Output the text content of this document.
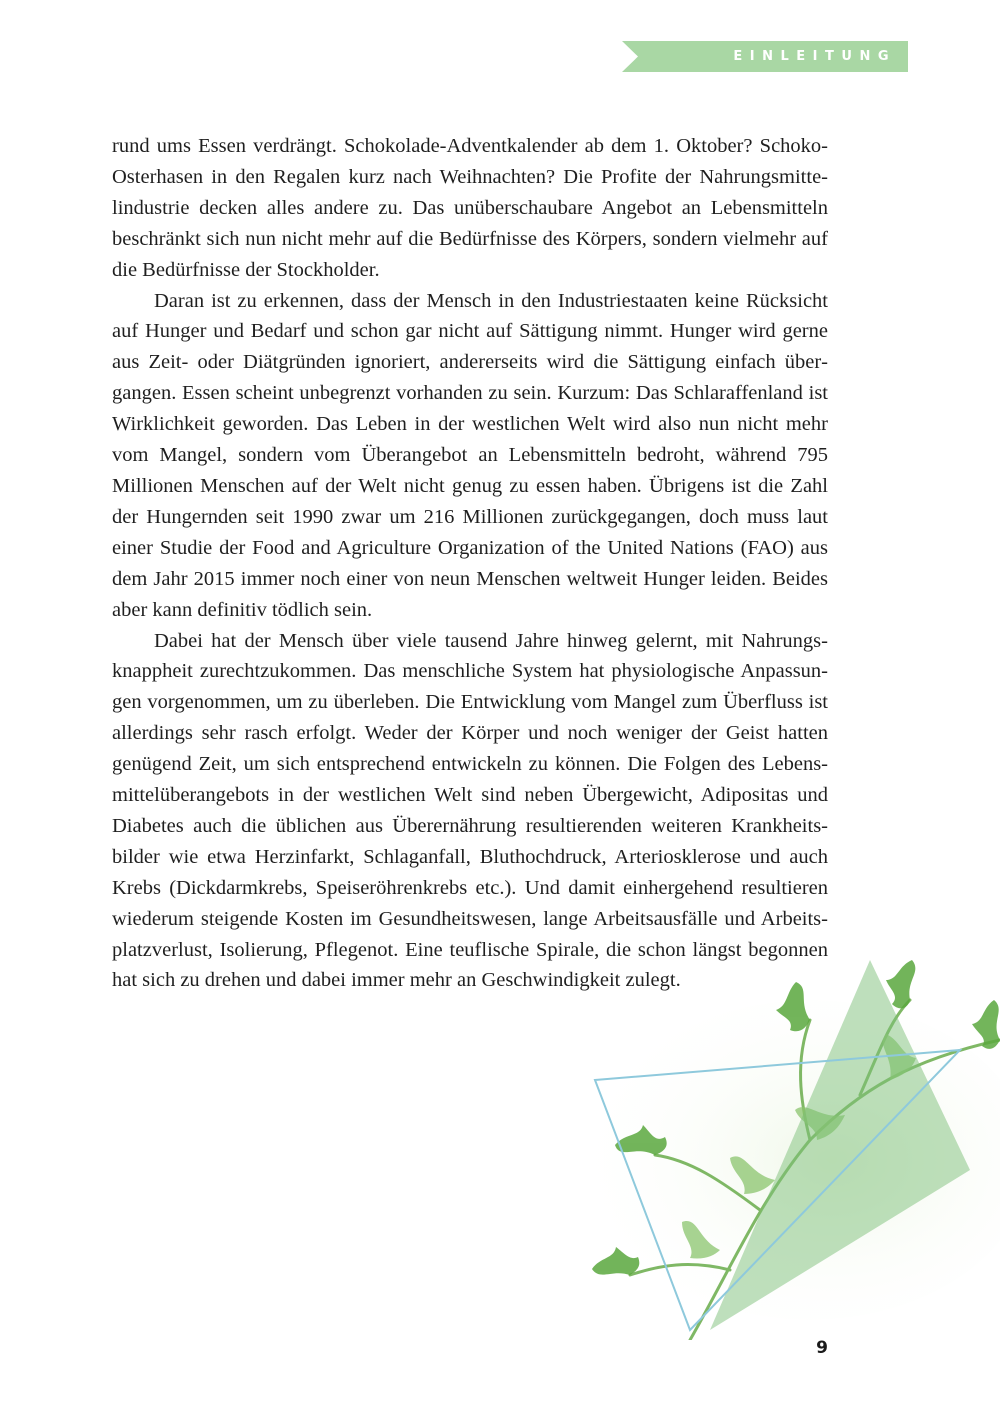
EINLEITUNG

rund ums Essen verdrängt. Schokolade-Adventkalender ab dem 1. Oktober? Schoko-Osterhasen in den Regalen kurz nach Weihnachten? Die Profite der Nahrungsmittelindustrie decken alles andere zu. Das unüberschaubare Angebot an Lebensmitteln beschränkt sich nun nicht mehr auf die Bedürfnisse des Körpers, sondern vielmehr auf die Bedürfnisse der Stockholder.

Daran ist zu erkennen, dass der Mensch in den Industriestaaten keine Rücksicht auf Hunger und Bedarf und schon gar nicht auf Sättigung nimmt. Hunger wird gerne aus Zeit- oder Diätgründen ignoriert, andererseits wird die Sättigung einfach übergangen. Essen scheint unbegrenzt vorhanden zu sein. Kurzum: Das Schlaraffenland ist Wirklichkeit geworden. Das Leben in der westlichen Welt wird also nun nicht mehr vom Mangel, sondern vom Überangebot an Lebensmitteln bedroht, während 795 Millionen Menschen auf der Welt nicht genug zu essen haben. Übrigens ist die Zahl der Hungernden seit 1990 zwar um 216 Millionen zurückgegangen, doch muss laut einer Studie der Food and Agriculture Organization of the United Nations (FAO) aus dem Jahr 2015 immer noch einer von neun Menschen weltweit Hunger leiden. Beides aber kann definitiv tödlich sein.

Dabei hat der Mensch über viele tausend Jahre hinweg gelernt, mit Nahrungsknappheit zurechtzukommen. Das menschliche System hat physiologische Anpassungen vorgenommen, um zu überleben. Die Entwicklung vom Mangel zum Überfluss ist allerdings sehr rasch erfolgt. Weder der Körper und noch weniger der Geist hatten genügend Zeit, um sich entsprechend entwickeln zu können. Die Folgen des Lebensmittelüberangebots in der westlichen Welt sind neben Übergewicht, Adipositas und Diabetes auch die üblichen aus Überernährung resultierenden weiteren Krankheitsbilder wie etwa Herzinfarkt, Schlaganfall, Bluthochdruck, Arteriosklerose und auch Krebs (Dickdarmkrebs, Speiseröhrenkrebs etc.). Und damit einhergehend resultieren wiederum steigende Kosten im Gesundheitswesen, lange Arbeitsausfälle und Arbeitsplatzverlust, Isolierung, Pflegenot. Eine teuflische Spirale, die schon längst begonnen hat sich zu drehen und dabei immer mehr an Geschwindigkeit zulegt.

9
